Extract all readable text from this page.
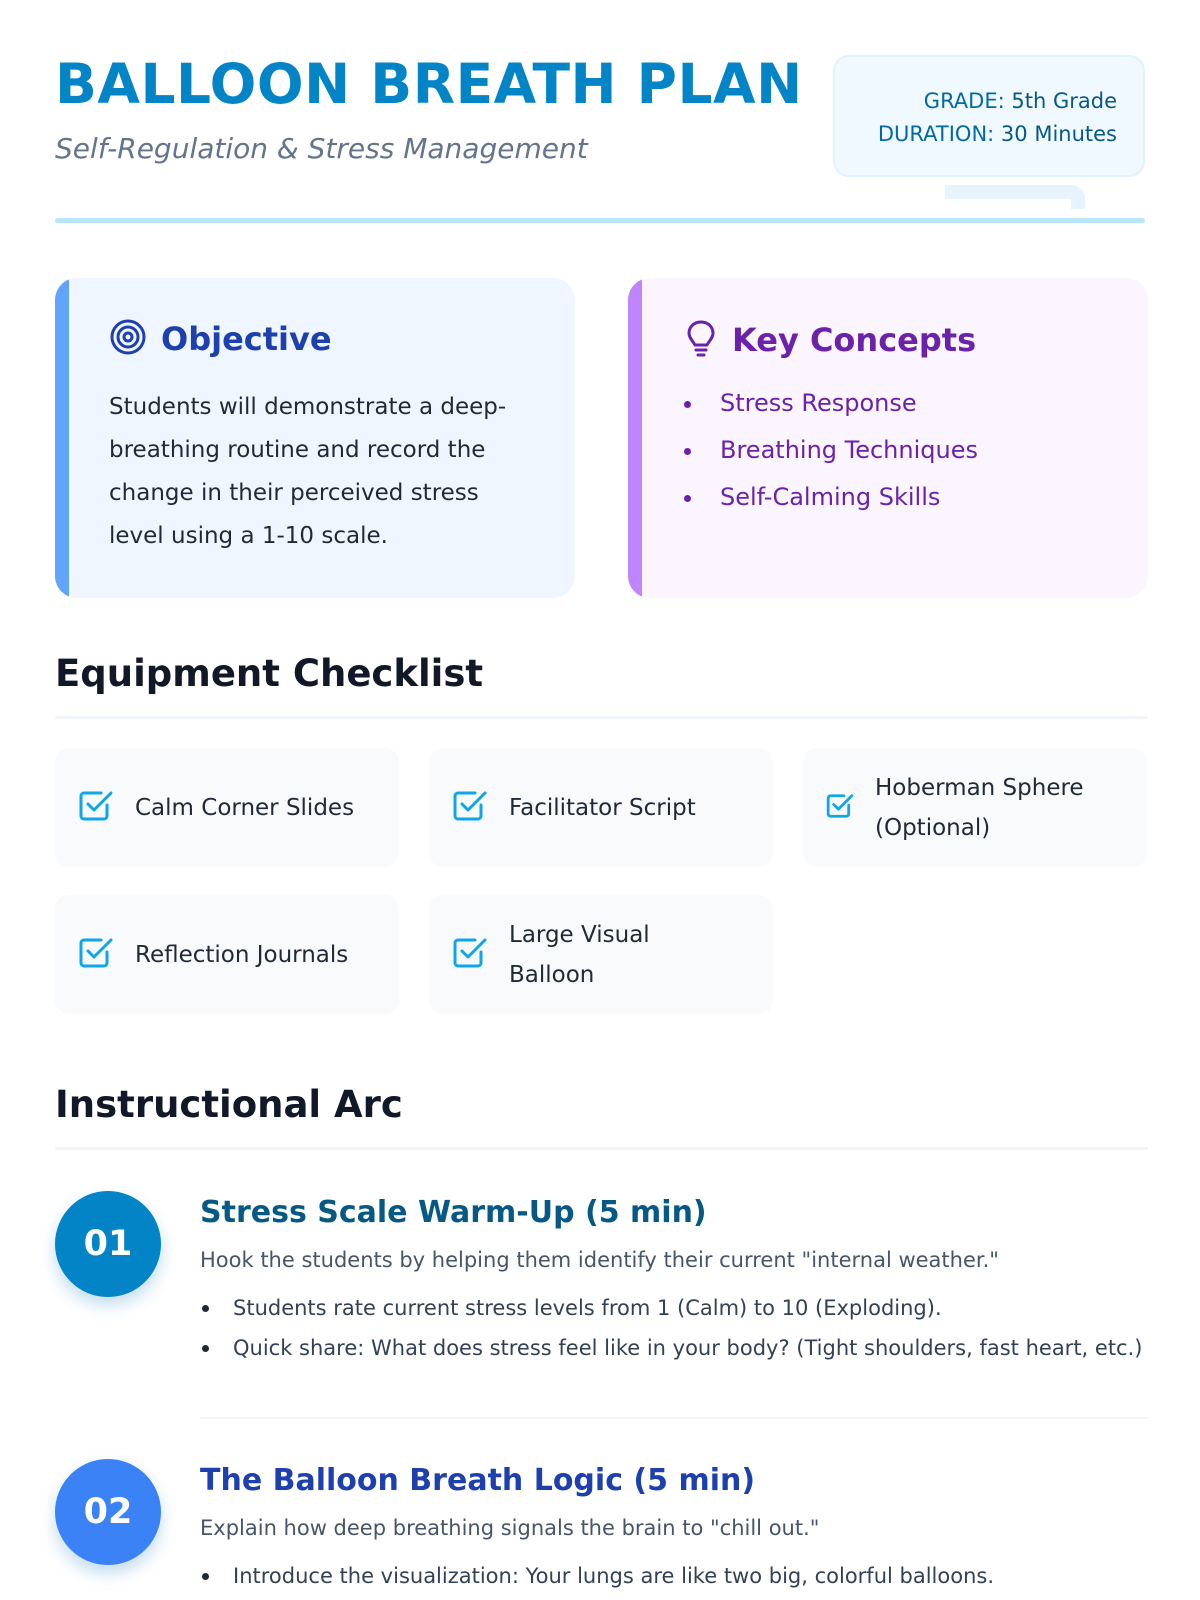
BALLOON BREATH PLAN
Self-Regulation & Stress Management
GRADE: 5th Grade
DURATION: 30 Minutes
Objective
Students will demonstrate a deep-breathing routine and record the change in their perceived stress level using a 1-10 scale.
Key Concepts
Stress Response
Breathing Techniques
Self-Calming Skills
Equipment Checklist
Calm Corner Slides	Facilitator Script
Hoberman Sphere (Optional)
Reflection Journals
Large Visual Balloon
Instructional Arc
01
Stress Scale Warm-Up (5 min)
Hook the students by helping them identify their current "internal weather."
Students rate current stress levels from 1 (Calm) to 10 (Exploding).
Quick share: What does stress feel like in your body? (Tight shoulders, fast heart, etc.)
02
The Balloon Breath Logic (5 min)
Explain how deep breathing signals the brain to "chill out."
Introduce the visualization: Your lungs are like two big, colorful balloons.
